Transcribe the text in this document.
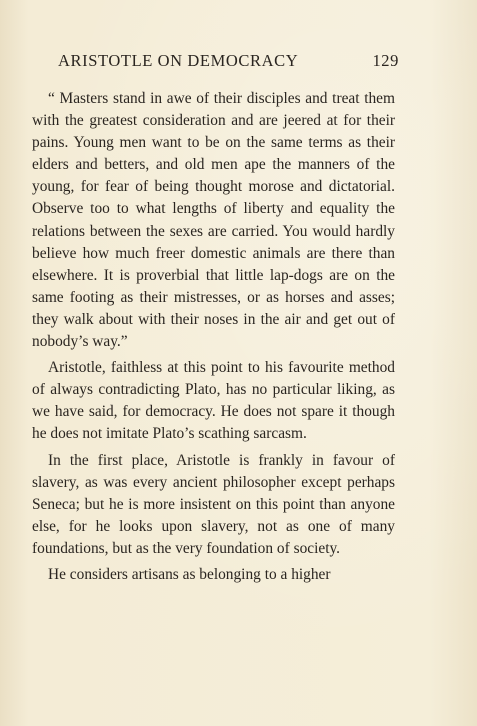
ARISTOTLE ON DEMOCRACY	129

“ Masters stand in awe of their disciples and treat them with the greatest consideration and are jeered at for their pains. Young men want to be on the same terms as their elders and betters, and old men ape the manners of the young, for fear of being thought morose and dictatorial. Observe too to what lengths of liberty and equality the relations between the sexes are carried. You would hardly believe how much freer domestic animals are there than elsewhere. It is proverbial that little lap-dogs are on the same footing as their mistresses, or as horses and asses; they walk about with their noses in the air and get out of nobody’s way.”

Aristotle, faithless at this point to his favourite method of always contradicting Plato, has no particular liking, as we have said, for democracy. He does not spare it though he does not imitate Plato’s scathing sarcasm.

In the first place, Aristotle is frankly in favour of slavery, as was every ancient philosopher except perhaps Seneca; but he is more insistent on this point than anyone else, for he looks upon slavery, not as one of many foundations, but as the very foundation of society.

He considers artisans as belonging to a higher
